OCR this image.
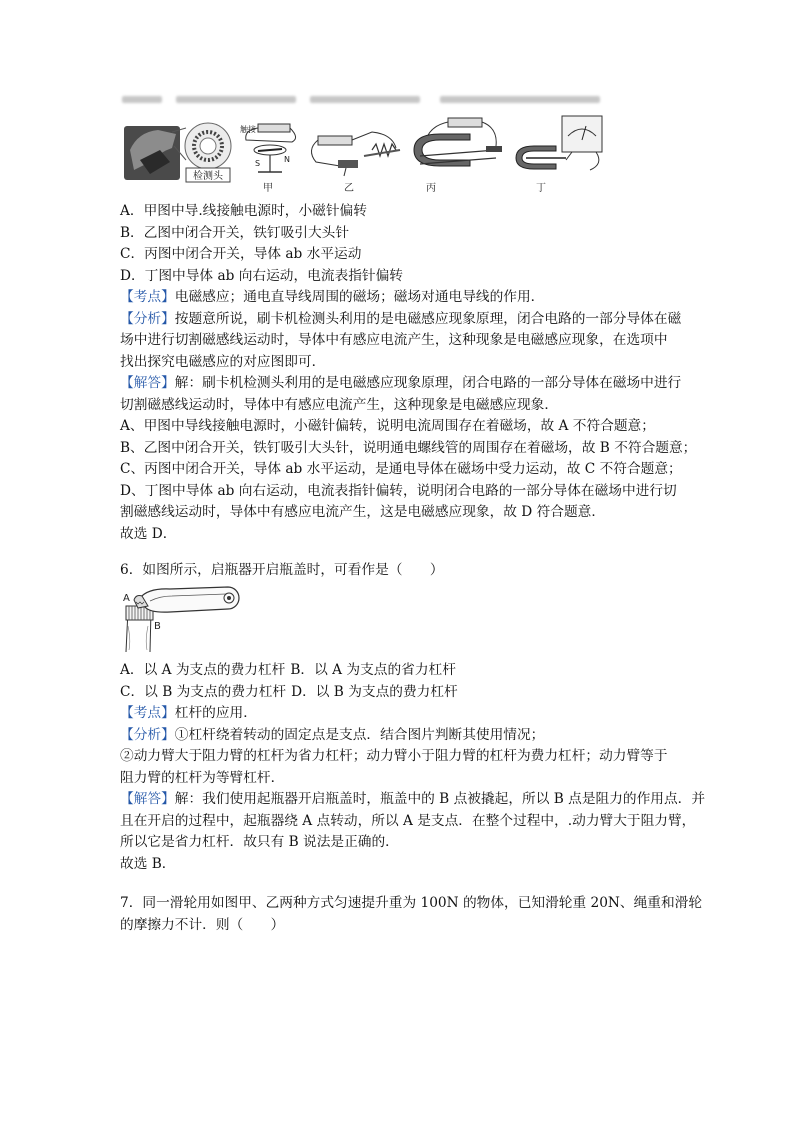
检测头
触接
S	N
甲	乙	丙	丁
A．甲图中导.线接触电源时，小磁针偏转
B．乙图中闭合开关，铁钉吸引大头针
C．丙图中闭合开关，导体 ab 水平运动
D．丁图中导体 ab 向右运动，电流表指针偏转
【考点】电磁感应；通电直导线周围的磁场；磁场对通电导线的作用．
【分析】按题意所说，刷卡机检测头利用的是电磁感应现象原理，闭合电路的一部分导体在磁
场中进行切割磁感线运动时，导体中有感应电流产生，这种现象是电磁感应现象，在选项中
找出探究电磁感应的对应图即可．
【解答】解：刷卡机检测头利用的是电磁感应现象原理，闭合电路的一部分导体在磁场中进行
切割磁感线运动时，导体中有感应电流产生，这种现象是电磁感应现象．
A、甲图中导线接触电源时，小磁针偏转，说明电流周围存在着磁场，故 A 不符合题意；
B、乙图中闭合开关，铁钉吸引大头针，说明通电螺线管的周围存在着磁场，故 B 不符合题意；
C、丙图中闭合开关，导体 ab 水平运动，是通电导体在磁场中受力运动，故 C 不符合题意；
D、丁图中导体 ab 向右运动，电流表指针偏转，说明闭合电路的一部分导体在磁场中进行切
割磁感线运动时，导体中有感应电流产生，这是电磁感应现象，故 D 符合题意．
故选 D．
6．如图所示，启瓶器开启瓶盖时，可看作是（　　）
A
B
A．以 A 为支点的费力杠杆 B．以 A 为支点的省力杠杆
C．以 B 为支点的费力杠杆 D．以 B 为支点的费力杠杆
【考点】杠杆的应用．
【分析】①杠杆绕着转动的固定点是支点．结合图片判断其使用情况；
②动力臂大于阻力臂的杠杆为省力杠杆；动力臂小于阻力臂的杠杆为费力杠杆；动力臂等于
阻力臂的杠杆为等臂杠杆．
【解答】解：我们使用起瓶器开启瓶盖时，瓶盖中的 B 点被撬起，所以 B 点是阻力的作用点．并
且在开启的过程中，起瓶器绕 A 点转动，所以 A 是支点．在整个过程中，.动力臂大于阻力臂，
所以它是省力杠杆．故只有 B 说法是正确的．
故选 B．
7．同一滑轮用如图甲、乙两种方式匀速提升重为 100N 的物体，已知滑轮重 20N、绳重和滑轮
的摩擦力不计．则（　　）
